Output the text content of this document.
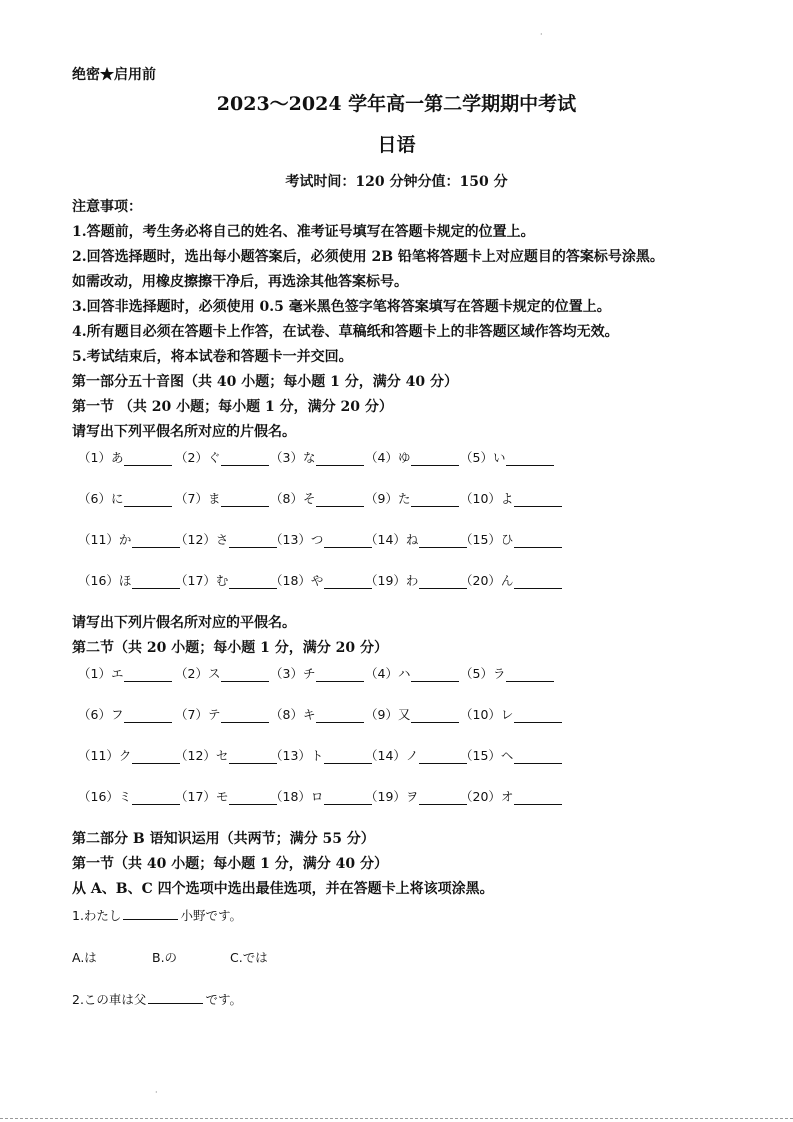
绝密★启用前
2023～2024 学年高一第二学期期中考试
日语
考试时间：120 分钟分值：150 分
注意事项：
1.答题前，考生务必将自己的姓名、准考证号填写在答题卡规定的位置上。
2.回答选择题时，选出每小题答案后，必须使用 2B 铅笔将答题卡上对应题目的答案标号涂黑。
如需改动，用橡皮擦擦干净后，再选涂其他答案标号。
3.回答非选择题时，必须使用 0.5 毫米黑色签字笔将答案填写在答题卡规定的位置上。
4.所有题目必须在答题卡上作答，在试卷、草稿纸和答题卡上的非答题区域作答均无效。
5.考试结束后，将本试卷和答题卡一并交回。
第一部分五十音图（共 40 小题；每小题 1 分，满分 40 分）
第一节 （共 20 小题；每小题 1 分，满分 20 分）
请写出下列平假名所对应的片假名。
（1）あ	（2）ぐ	（3）な	（4）ゆ	（5）い
（6）に	（7）ま	（8）そ	（9）た	（10）よ
（11）か	（12）さ	（13）つ	（14）ね	（15）ひ
（16）ほ	（17）む	（18）や	（19）わ	（20）ん
请写出下列片假名所对应的平假名。
第二节（共 20 小题；每小题 1 分，满分 20 分）
（1）エ	（2）ス	（3）チ	（4）ハ	（5）ラ
（6）フ	（7）テ	（8）キ	（9）又	（10）レ
（11）ク	（12）セ	（13）ト	（14）ノ	（15）ヘ
（16）ミ	（17）モ	（18）ロ	（19）ヲ	（20）オ
第二部分 B 语知识运用（共两节；满分 55 分）
第一节（共 40 小题；每小题 1 分，满分 40 分）
从 A、B、C 四个选项中选出最佳选项，并在答题卡上将该项涂黑。
1.わたし	小野です。
A.は	B.の	C.では
2.この車は父	です。
·
·
